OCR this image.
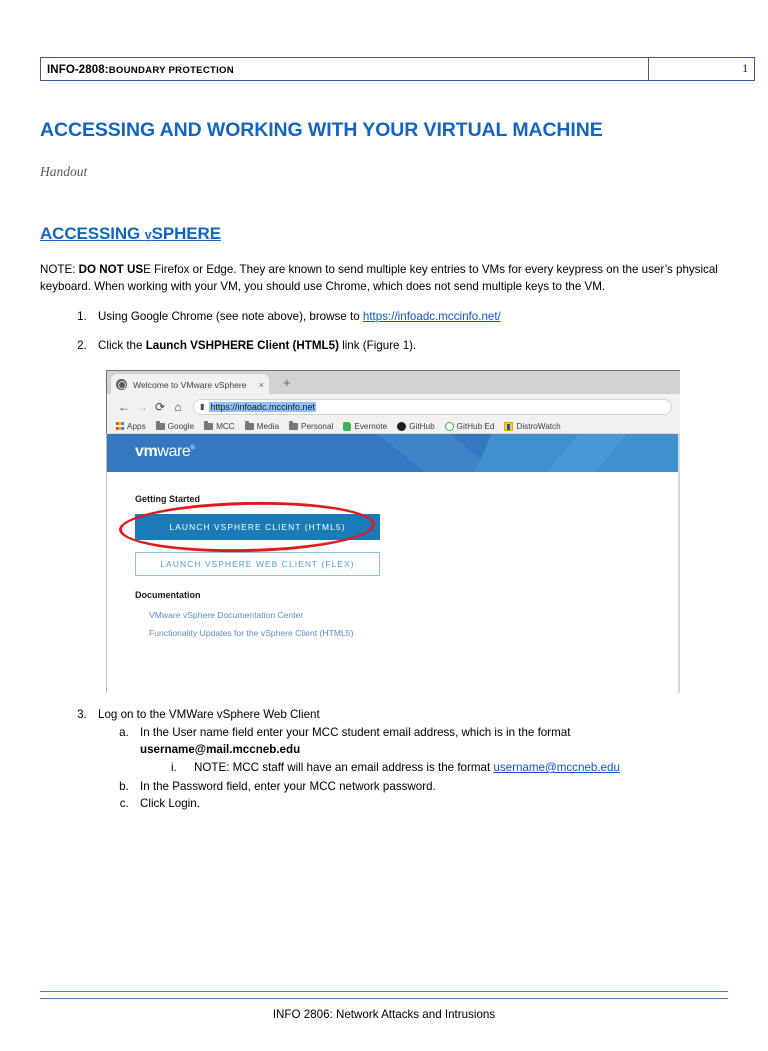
INFO-2808:BOUNDARY PROTECTION	1
ACCESSING AND WORKING WITH YOUR VIRTUAL MACHINE

Handout

ACCESSING vSPHERE

NOTE: DO NOT USE Firefox or Edge. They are known to send multiple key entries to VMs for every keypress on the user’s physical keyboard. When working with your VM, you should use Chrome, which does not send multiple keys to the VM.

1. Using Google Chrome (see note above), browse to https://infoadc.mccinfo.net/
2. Click the Launch VSHPHERE Client (HTML5) link (Figure 1).
Welcome to VMware vSphere	× +
← → ⟳ ⌂	▮ https://infoadc.mccinfo.net
Apps	Google	MCC	Media	Personal	Evernote	GitHub	GitHub Ed	DistroWatch
vmware®
Getting Started
LAUNCH VSPHERE CLIENT (HTML5)
LAUNCH VSPHERE WEB CLIENT (FLEX)
Documentation
VMware vSphere Documentation Center
Functionality Updates for the vSphere Client (HTML5)
3. Log on to the VMWare vSphere Web Client
a. In the User name field enter your MCC student email address, which is in the format
username@mail.mccneb.edu
i. NOTE: MCC staff will have an email address is the format username@mccneb.edu
b. In the Password field, enter your MCC network password.
c. Click Login.
INFO 2806: Network Attacks and Intrusions
